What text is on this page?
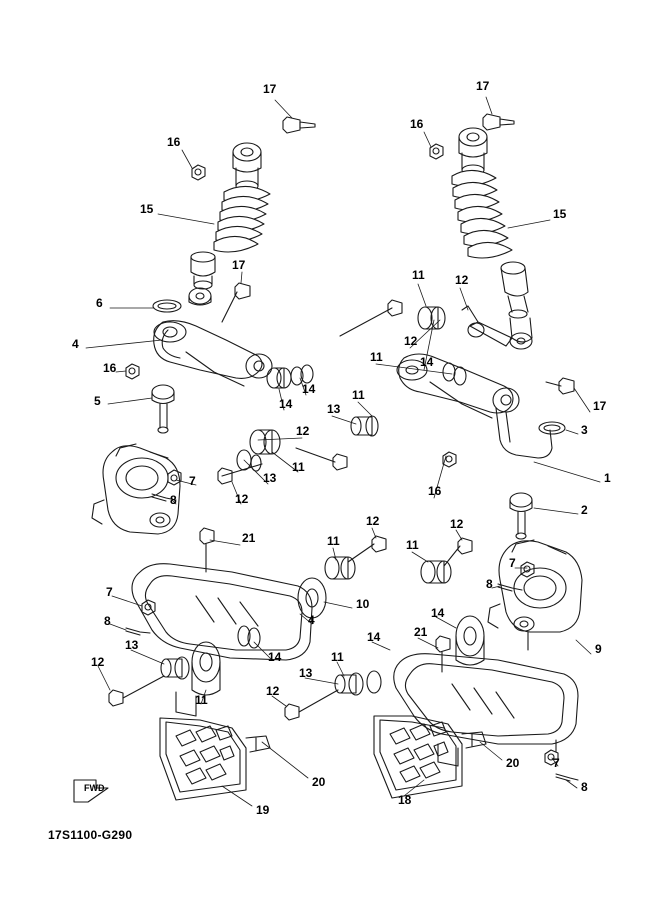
17	17
16
16
15	15
12
11
17
6
12
4
11	14
16
14
17
5	14	13
11
3
12
1
16
11
13
7
12
8
2
21
12	12
11	11
7
8
10
4	14
7
8
21
14
9
13
14
12	11
13
11
12
20
20	7
8
19
18
FWD
17S1100-G290
